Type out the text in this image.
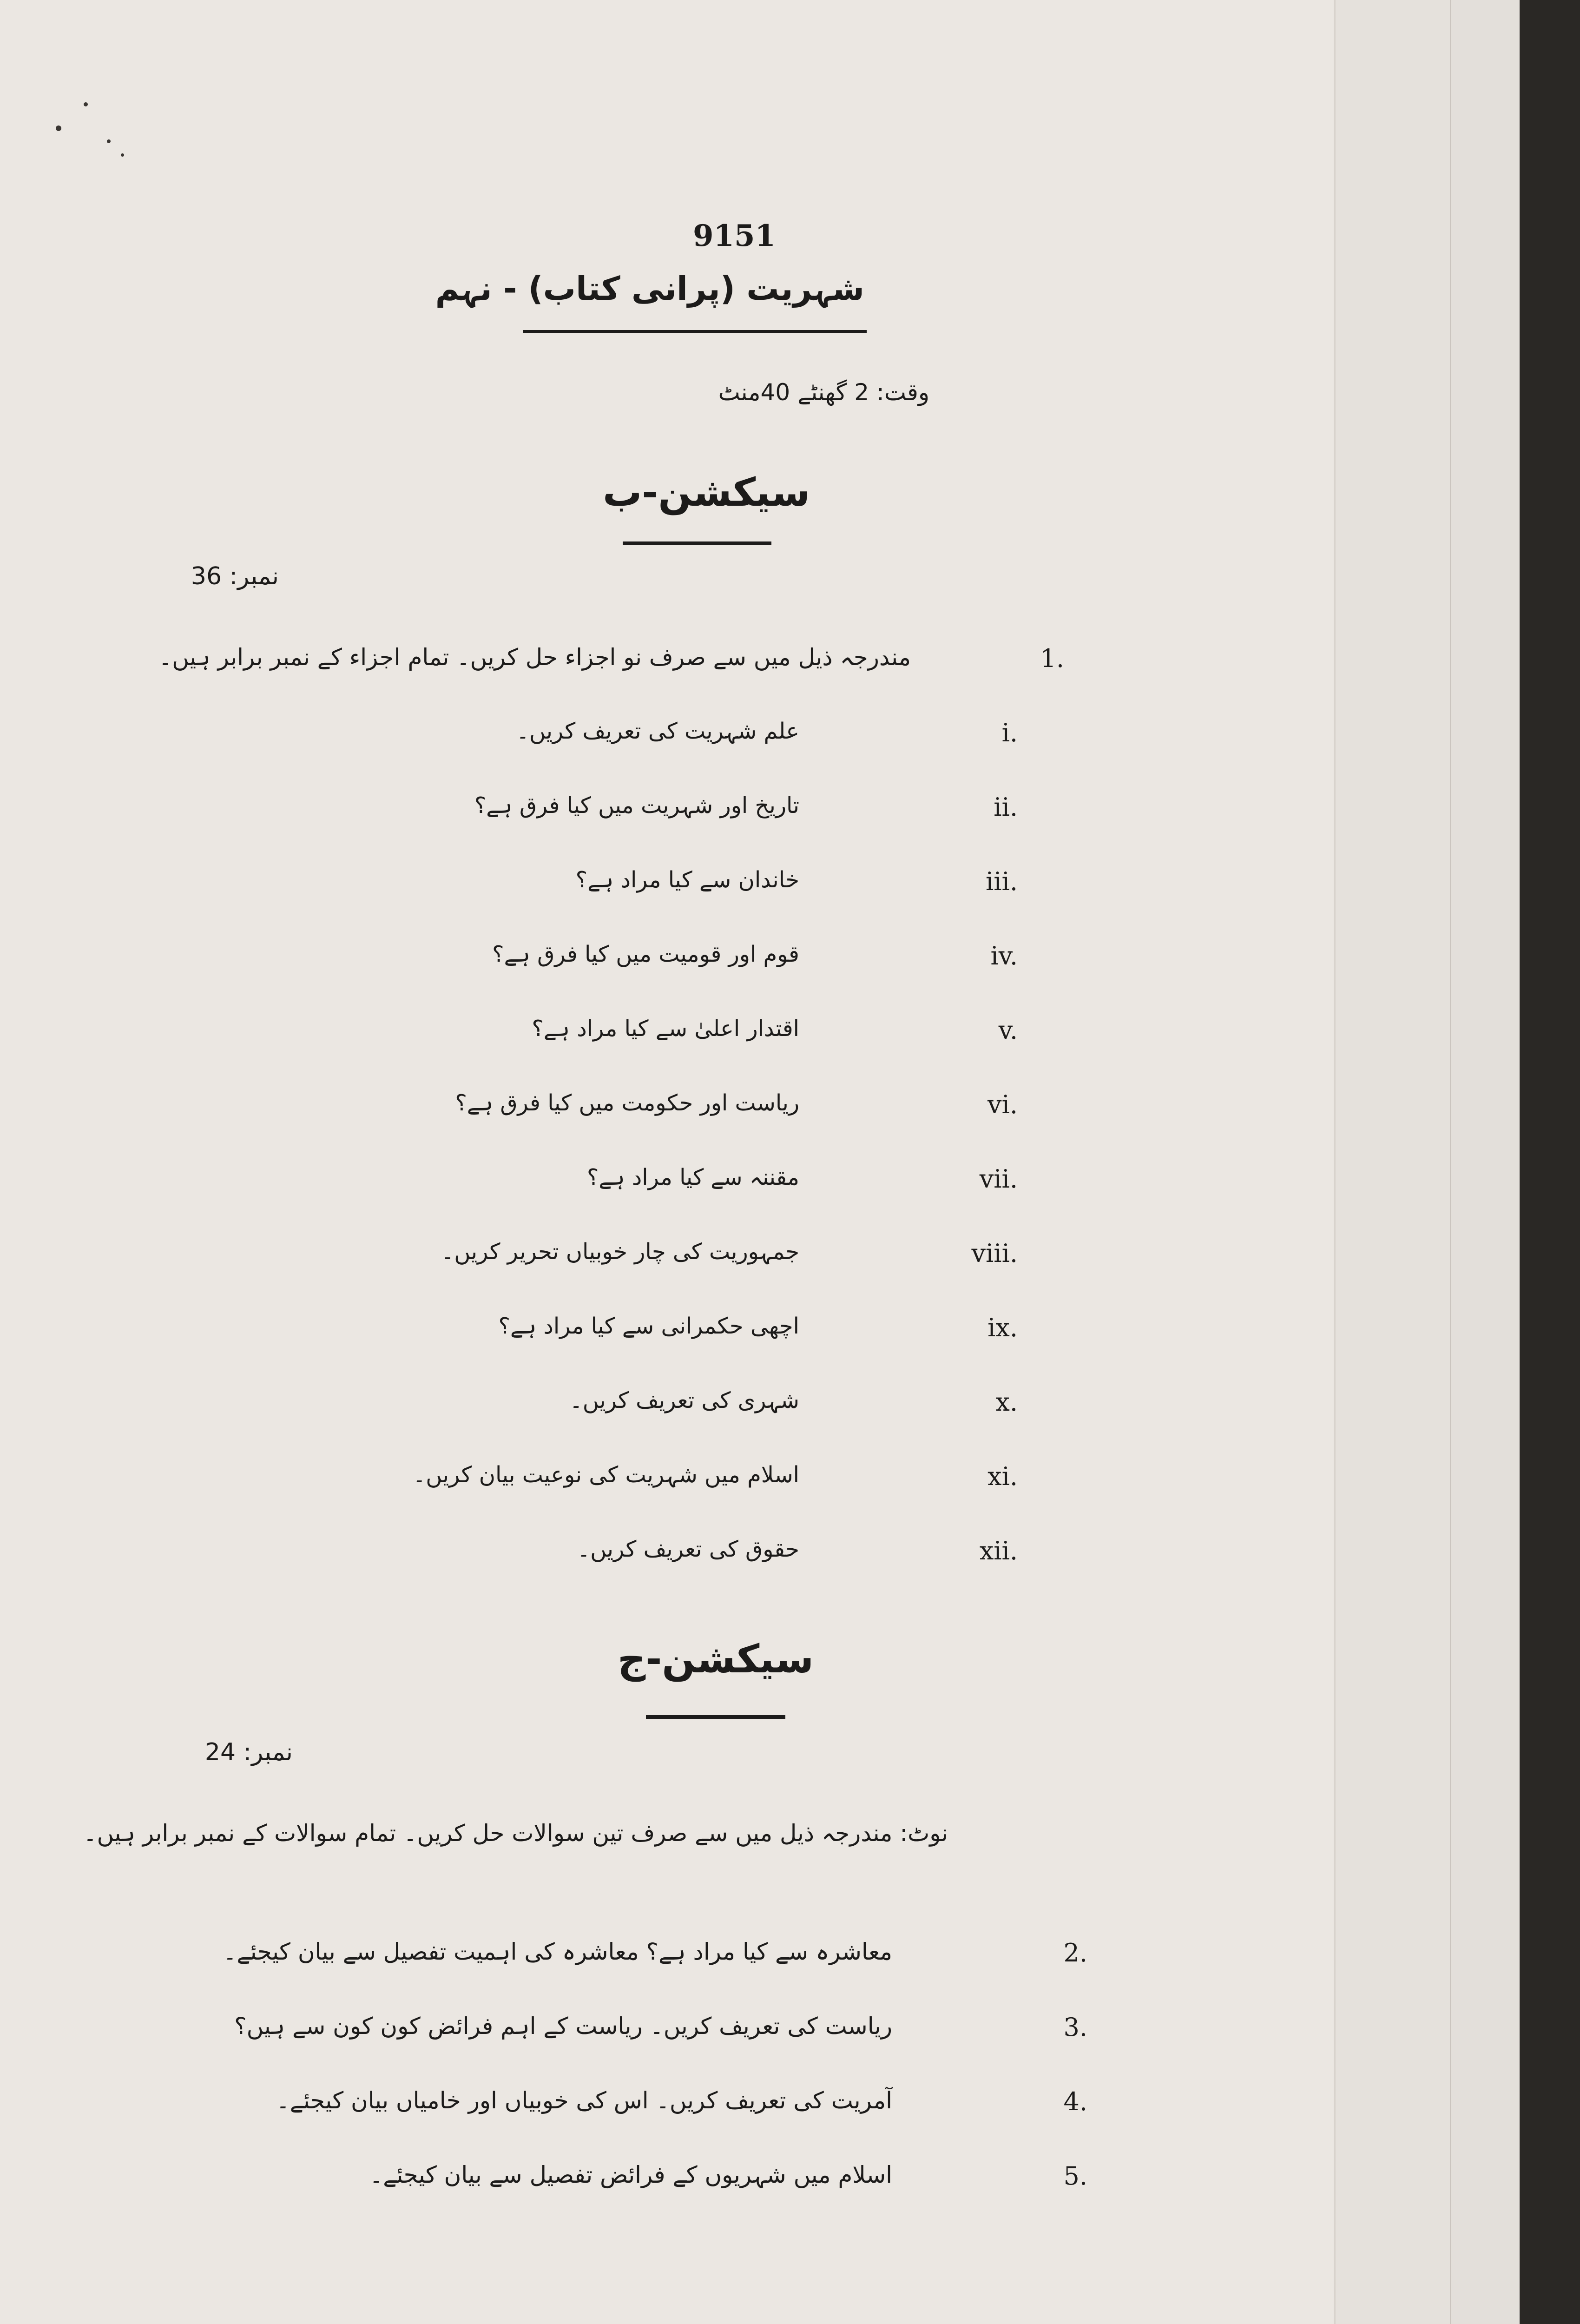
9151
شہریت (پرانی کتاب) - نہم
وقت: 2 گھنٹے 40منٹ
سیکشن-ب
نمبر: 36
1.
مندرجہ ذیل میں سے صرف نو اجزاء حل کریں۔ تمام اجزاء کے نمبر برابر ہیں۔
i.
علم شہریت کی تعریف کریں۔
ii.
تاریخ اور شہریت میں کیا فرق ہے؟
iii.
خاندان سے کیا مراد ہے؟
iv.
قوم اور قومیت میں کیا فرق ہے؟
v.
اقتدار اعلیٰ سے کیا مراد ہے؟
vi.
ریاست اور حکومت میں کیا فرق ہے؟
vii.
مقننہ سے کیا مراد ہے؟
viii.
جمہوریت کی چار خوبیاں تحریر کریں۔
ix.
اچھی حکمرانی سے کیا مراد ہے؟
x.
شہری کی تعریف کریں۔
xi.
اسلام میں شہریت کی نوعیت بیان کریں۔
xii.
حقوق کی تعریف کریں۔
سیکشن-ج
نمبر: 24
نوٹ: مندرجہ ذیل میں سے صرف تین سوالات حل کریں۔ تمام سوالات کے نمبر برابر ہیں۔
2.
معاشرہ سے کیا مراد ہے؟ معاشرہ کی اہمیت تفصیل سے بیان کیجئے۔
3.
ریاست کی تعریف کریں۔ ریاست کے اہم فرائض کون کون سے ہیں؟
4.
آمریت کی تعریف کریں۔ اس کی خوبیاں اور خامیاں بیان کیجئے۔
5.
اسلام میں شہریوں کے فرائض تفصیل سے بیان کیجئے۔
